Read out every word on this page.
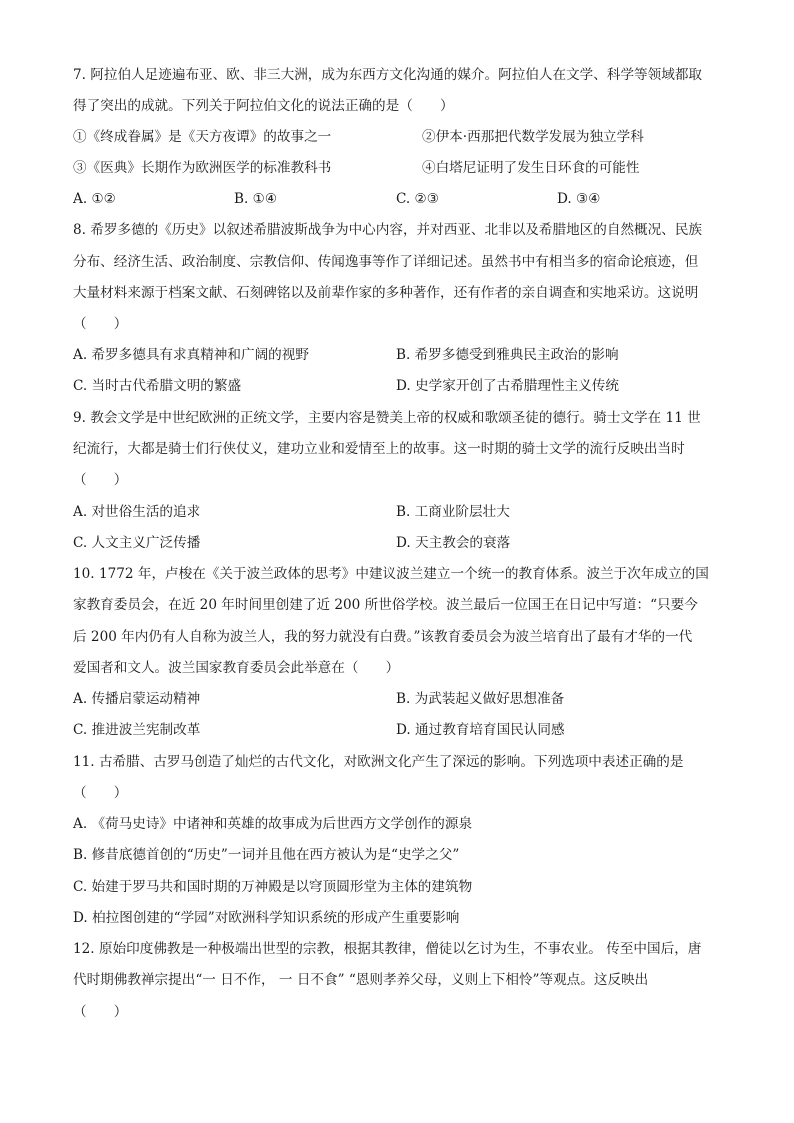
7. 阿拉伯人足迹遍布亚、欧、非三大洲，成为东西方文化沟通的媒介。阿拉伯人在文学、科学等领域都取
得了突出的成就。下列关于阿拉伯文化的说法正确的是（　　）
①《终成眷属》是《天方夜谭》的故事之一	②伊本·西那把代数学发展为独立学科
③《医典》长期作为欧洲医学的标准教科书	④白塔尼证明了发生日环食的可能性
A. ①②	B. ①④	C. ②③	D. ③④
8. 希罗多德的《历史》以叙述希腊波斯战争为中心内容，并对西亚、北非以及希腊地区的自然概况、民族
分布、经济生活、政治制度、宗教信仰、传闻逸事等作了详细记述。虽然书中有相当多的宿命论痕迹，但
大量材料来源于档案文献、石刻碑铭以及前辈作家的多种著作，还有作者的亲自调查和实地采访。这说明
（　　）
A. 希罗多德具有求真精神和广阔的视野	B. 希罗多德受到雅典民主政治的影响
C. 当时古代希腊文明的繁盛	D. 史学家开创了古希腊理性主义传统
9. 教会文学是中世纪欧洲的正统文学，主要内容是赞美上帝的权威和歌颂圣徒的德行。骑士文学在 11 世
纪流行，大都是骑士们行侠仗义，建功立业和爱情至上的故事。这一时期的骑士文学的流行反映出当时
（　　）
A. 对世俗生活的追求	B. 工商业阶层壮大
C. 人文主义广泛传播	D. 天主教会的衰落
10. 1772 年，卢梭在《关于波兰政体的思考》中建议波兰建立一个统一的教育体系。波兰于次年成立的国
家教育委员会，在近 20 年时间里创建了近 200 所世俗学校。波兰最后一位国王在日记中写道：“只要今
后 200 年内仍有人自称为波兰人，我的努力就没有白费。”该教育委员会为波兰培育出了最有才华的一代
爱国者和文人。波兰国家教育委员会此举意在（　　）
A. 传播启蒙运动精神	B. 为武装起义做好思想准备
C. 推进波兰宪制改革	D. 通过教育培育国民认同感
11. 古希腊、古罗马创造了灿烂的古代文化，对欧洲文化产生了深远的影响。下列选项中表述正确的是
（　　）
A. 《荷马史诗》中诸神和英雄的故事成为后世西方文学创作的源泉
B. 修昔底德首创的“历史”一词并且他在西方被认为是“史学之父”
C. 始建于罗马共和国时期的万神殿是以穹顶圆形堂为主体的建筑物
D. 柏拉图创建的“学园”对欧洲科学知识系统的形成产生重要影响
12. 原始印度佛教是一种极端出世型的宗教，根据其教律，僧徒以乞讨为生，不事农业。 传至中国后，唐
代时期佛教禅宗提出“一 日不作， 一 日不食” “恩则孝养父母，义则上下相怜”等观点。这反映出
（　　）
